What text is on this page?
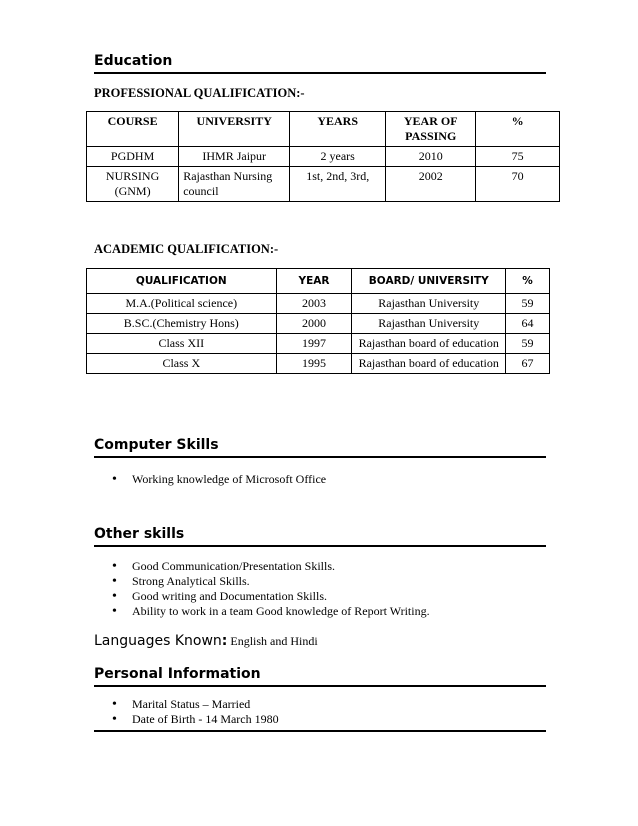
Education
PROFESSIONAL QUALIFICATION:-
COURSE	UNIVERSITY	YEARS	YEAR OF PASSING	%
PGDHM	IHMR Jaipur	2 years	2010	75
NURSING (GNM)	Rajasthan Nursing council	1st, 2nd, 3rd,	2002	70
ACADEMIC QUALIFICATION:-
QUALIFICATION	YEAR	BOARD/ UNIVERSITY	%
M.A.(Political science)	2003	Rajasthan University	59
B.SC.(Chemistry Hons)	2000	Rajasthan University	64
Class XII	1997	Rajasthan board of education	59
Class X	1995	Rajasthan board of education	67
Computer Skills
• Working knowledge of Microsoft Office
Other skills
• Good Communication/Presentation Skills.
• Strong Analytical Skills.
• Good writing and Documentation Skills.
• Ability to work in a team Good knowledge of Report Writing.
Languages Known: English and Hindi
Personal Information
• Marital Status – Married
• Date of Birth - 14 March 1980
